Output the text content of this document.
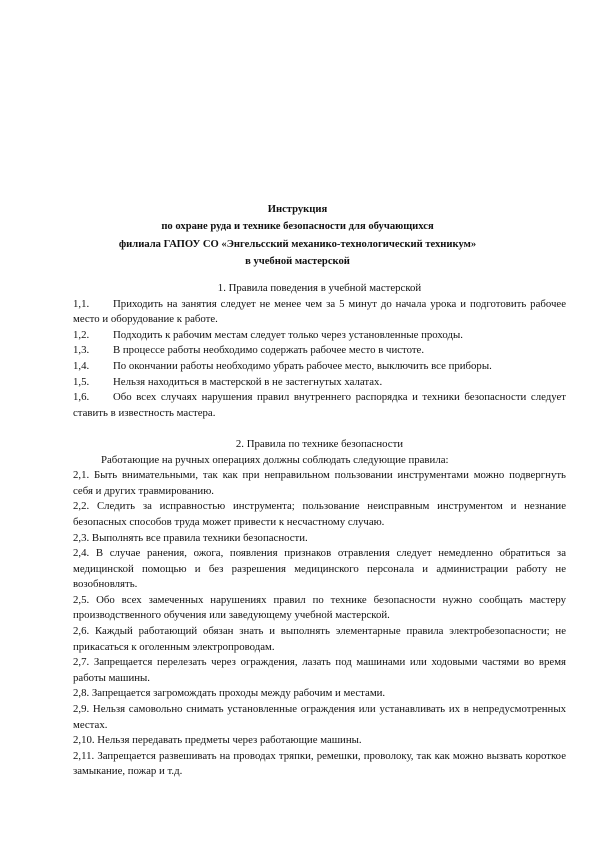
Инструкция
по охране руда и технике безопасности для обучающихся
филиала ГАПОУ СО «Энгельсский механико-технологический техникум»
в учебной мастерской
1. Правила поведения в учебной мастерской

1,1. Приходить на занятия следует не менее чем за 5 минут до начала урока и подготовить рабочее место и оборудование к работе.

1,2. Подходить к рабочим местам следует только через установленные проходы.

1,3. В процессе работы необходимо содержать рабочее место в чистоте.

1,4. По окончании работы необходимо убрать рабочее место, выключить все приборы.

1,5. Нельзя находиться в мастерской в не застегнутых халатах.

1,6. Обо всех случаях нарушения правил внутреннего распорядка и техники безопасности следует ставить в известность мастера.

2. Правила по технике безопасности
Работающие на ручных операциях должны соблюдать следующие правила:

2,1. Быть внимательными, так как при неправильном пользовании инструментами можно подвергнуть себя и других травмированию.

2,2. Следить за исправностью инструмента; пользование неисправным инструментом и незнание безопасных способов труда может привести к несчастному случаю.

2,3. Выполнять все правила техники безопасности.

2,4. В случае ранения, ожога, появления признаков отравления следует немедленно обратиться за медицинской помощью и без разрешения медицинского персонала и администрации работу не возобновлять.

2,5. Обо всех замеченных нарушениях правил по технике безопасности нужно сообщать мастеру производственного обучения или заведующему учебной мастерской.

2,6. Каждый работающий обязан знать и выполнять элементарные правила электробезопасности; не прикасаться к оголенным электропроводам.

2,7. Запрещается перелезать через ограждения, лазать под машинами или ходовыми частями во время работы машины.

2,8. Запрещается загромождать проходы между рабочим и местами.

2,9. Нельзя самовольно снимать установленные ограждения или устанавливать их в непредусмотренных местах.

2,10. Нельзя передавать предметы через работающие машины.

2,11. Запрещается развешивать на проводах тряпки, ремешки, проволоку, так как можно вызвать короткое замыкание, пожар и т.д.
